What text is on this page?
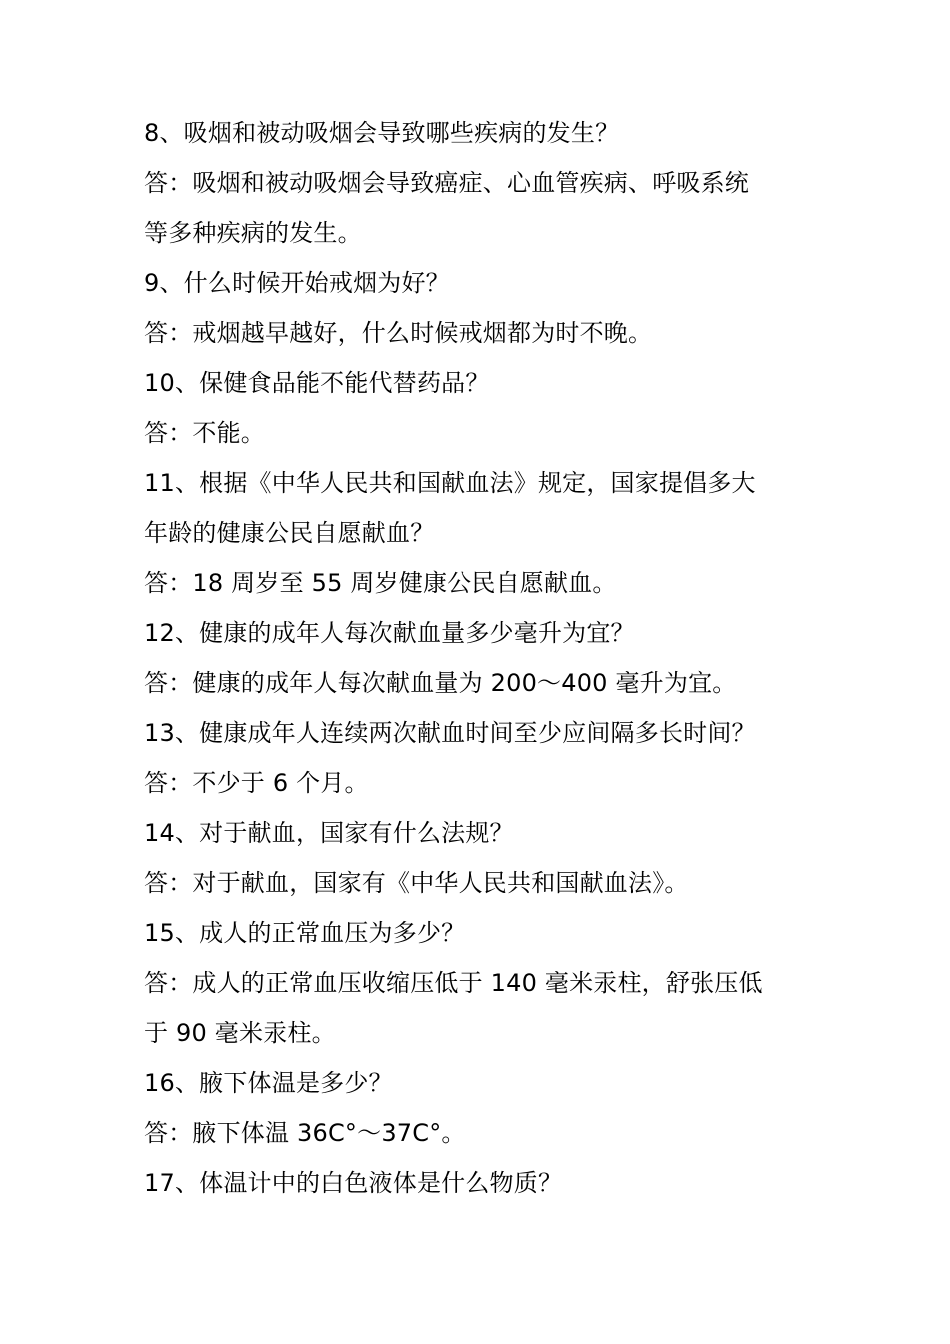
8、吸烟和被动吸烟会导致哪些疾病的发生？
答：吸烟和被动吸烟会导致癌症、心血管疾病、呼吸系统
等多种疾病的发生。
9、什么时候开始戒烟为好？
答：戒烟越早越好，什么时候戒烟都为时不晚。
10、保健食品能不能代替药品？
答：不能。
11、根据《中华人民共和国献血法》规定，国家提倡多大
年龄的健康公民自愿献血？
答：18 周岁至 55 周岁健康公民自愿献血。
12、健康的成年人每次献血量多少毫升为宜？
答：健康的成年人每次献血量为 200～400 毫升为宜。
13、健康成年人连续两次献血时间至少应间隔多长时间？
答：不少于 6 个月。
14、对于献血，国家有什么法规？
答：对于献血，国家有《中华人民共和国献血法》。
15、成人的正常血压为多少？
答：成人的正常血压收缩压低于 140 毫米汞柱，舒张压低
于 90 毫米汞柱。
16、腋下体温是多少？
答：腋下体温 36C°～37C°。
17、体温计中的白色液体是什么物质？
